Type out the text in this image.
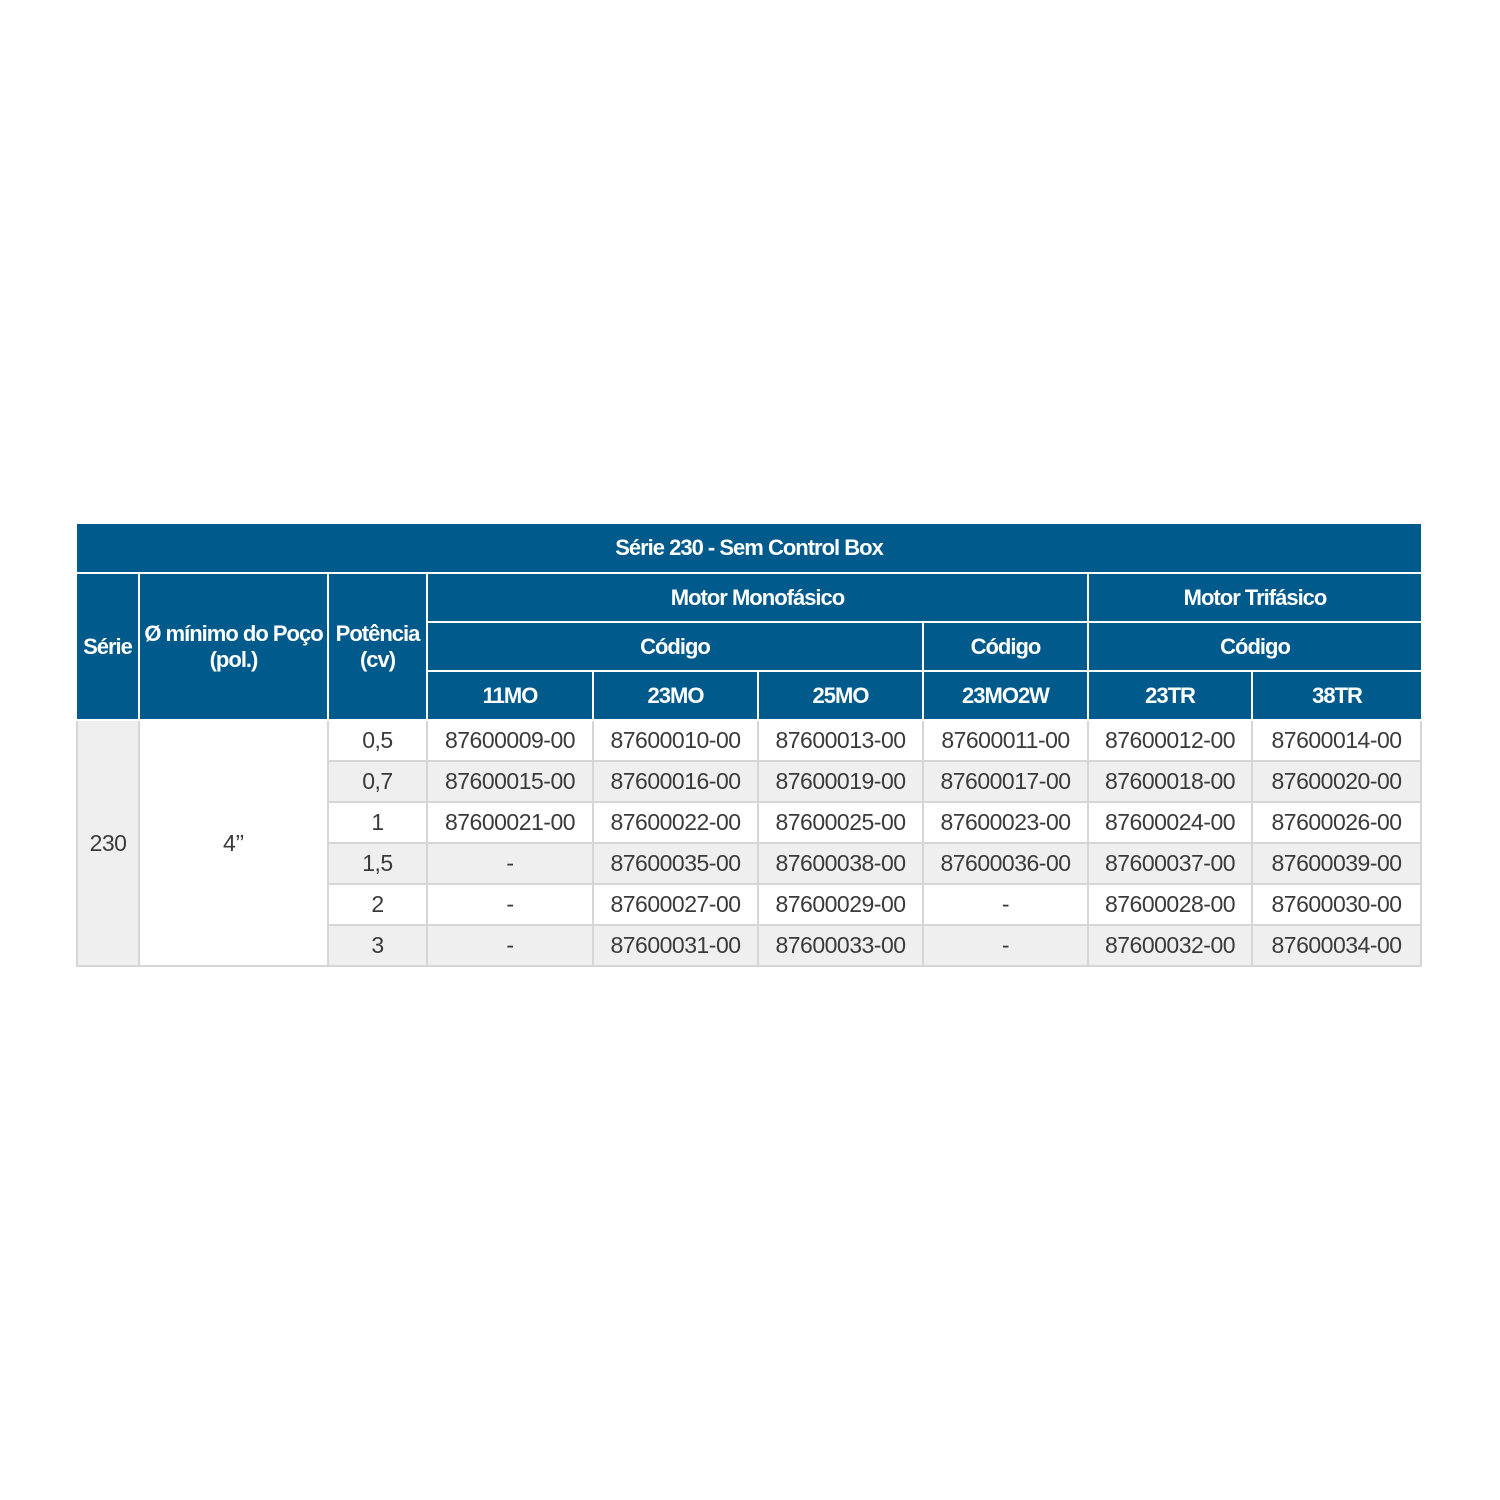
Série 230 - Sem Control Box								
Série	Ø mínimo do Poço (pol.)	Potência (cv)	Motor Monofásico				Motor Trifásico	
			Código			Código	Código	
			11MO	23MO	25MO	23MO2W	23TR	38TR
230	4’’	0,5	87600009-00	87600010-00	87600013-00	87600011-00	87600012-00	87600014-00
		0,7	87600015-00	87600016-00	87600019-00	87600017-00	87600018-00	87600020-00
		1	87600021-00	87600022-00	87600025-00	87600023-00	87600024-00	87600026-00
		1,5	-	87600035-00	87600038-00	87600036-00	87600037-00	87600039-00
		2	-	87600027-00	87600029-00	-	87600028-00	87600030-00
		3	-	87600031-00	87600033-00	-	87600032-00	87600034-00
